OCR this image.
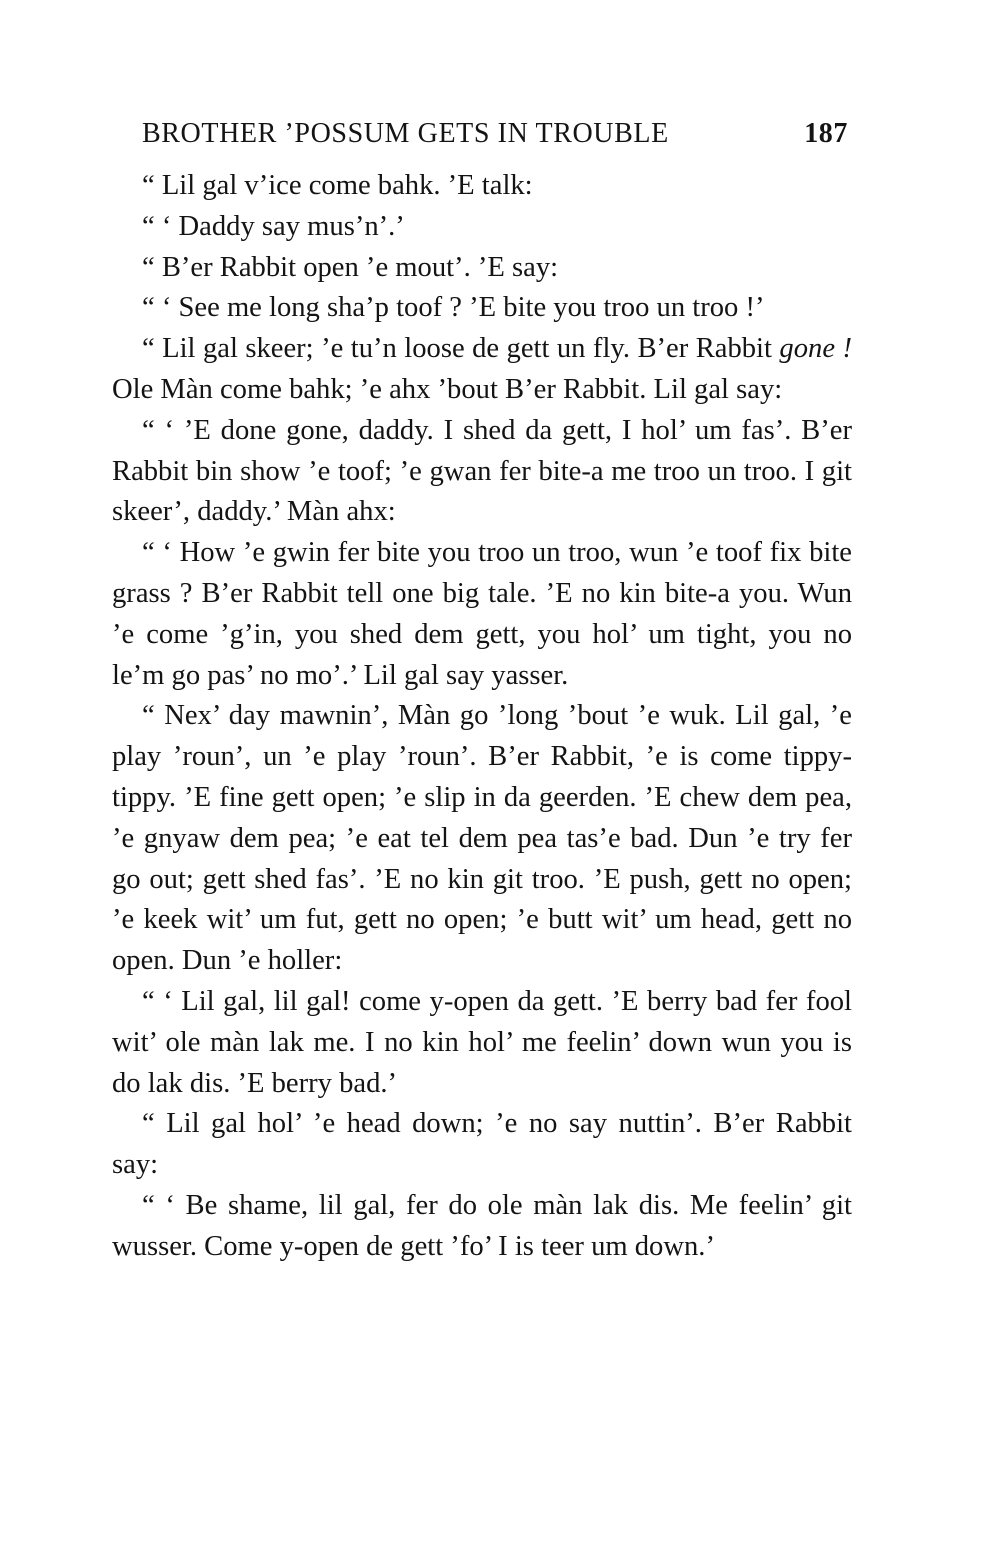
BROTHER ’POSSUM GETS IN TROUBLE	187

“ Lil gal v’ice come bahk. ’E talk:

“ ‘ Daddy say mus’n’.’

“ B’er Rabbit open ’e mout’. ’E say:

“ ‘ See me long sha’p toof ? ’E bite you troo un troo !’

“ Lil gal skeer; ’e tu’n loose de gett un fly. B’er Rabbit gone ! Ole Màn come bahk; ’e ahx ’bout B’er Rabbit. Lil gal say:

“ ‘ ’E done gone, daddy. I shed da gett, I hol’ um fas’. B’er Rabbit bin show ’e toof; ’e gwan fer bite-a me troo un troo. I git skeer’, daddy.’ Màn ahx:

“ ‘ How ’e gwin fer bite you troo un troo, wun ’e toof fix bite grass ? B’er Rabbit tell one big tale. ’E no kin bite-a you. Wun ’e come ’g’in, you shed dem gett, you hol’ um tight, you no le’m go pas’ no mo’.’ Lil gal say yasser.

“ Nex’ day mawnin’, Màn go ’long ’bout ’e wuk. Lil gal, ’e play ’roun’, un ’e play ’roun’. B’er Rabbit, ’e is come tippy-tippy. ’E fine gett open; ’e slip in da geerden. ’E chew dem pea, ’e gnyaw dem pea; ’e eat tel dem pea tas’e bad. Dun ’e try fer go out; gett shed fas’. ’E no kin git troo. ’E push, gett no open; ’e keek wit’ um fut, gett no open; ’e butt wit’ um head, gett no open. Dun ’e holler:

“ ‘ Lil gal, lil gal! come y-open da gett. ’E berry bad fer fool wit’ ole màn lak me. I no kin hol’ me feelin’ down wun you is do lak dis. ’E berry bad.’

“ Lil gal hol’ ’e head down; ’e no say nuttin’. B’er Rabbit say:

“ ‘ Be shame, lil gal, fer do ole màn lak dis. Me feelin’ git wusser. Come y-open de gett ’fo’ I is teer um down.’
